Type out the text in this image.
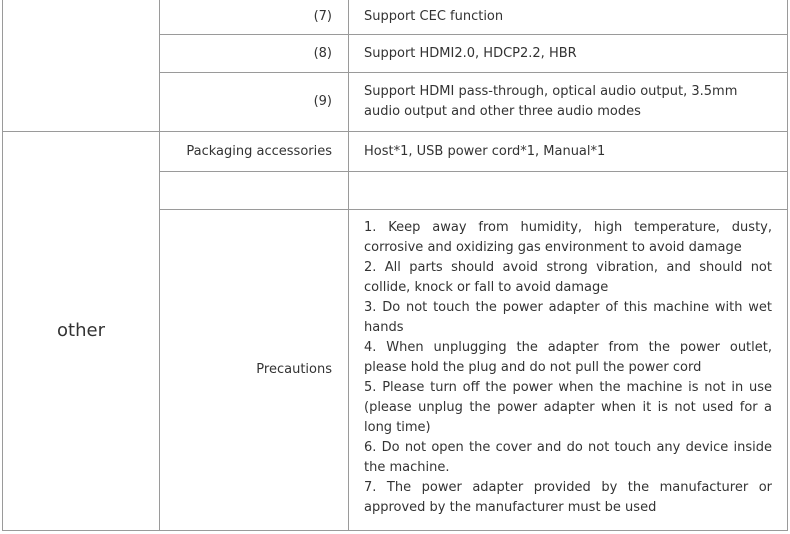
(7) Support CEC function
(8) Support HDMI2.0, HDCP2.2, HBR
(9)
Support HDMI pass-through, optical audio output, 3.5mm audio output and other three audio modes
other
Packaging accessories Host*1, USB power cord*1, Manual*1
Precautions
1. Keep away from humidity, high temperature, dusty, corrosive and oxidizing gas environment to avoid damage
2. All parts should avoid strong vibration, and should not collide, knock or fall to avoid damage
3. Do not touch the power adapter of this machine with wet hands
4. When unplugging the adapter from the power outlet, please hold the plug and do not pull the power cord
5. Please turn off the power when the machine is not in use (please unplug the power adapter when it is not used for a long time)
6. Do not open the cover and do not touch any device inside the machine.
7. The power adapter provided by the manufacturer or approved by the manufacturer must be used
